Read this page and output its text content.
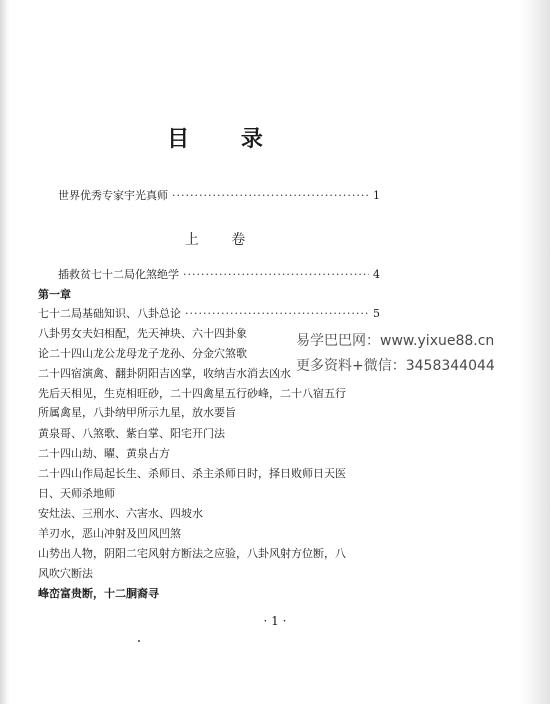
目 录
世界优秀专家宇光真师 ·····	1
上 卷
插救贫七十二局化煞绝学 ·····	4
第一章
七十二局基础知识、八卦总论 ·····	5
八卦男女夫妇相配，先天神块、六十四卦象
论二十四山龙公龙母龙子龙孙、分金穴煞歌
二十四宿演禽、翻卦阴阳吉凶掌，收纳吉水消去凶水
先后天相见，生克相旺砂，二十四禽星五行砂峰，二十八宿五行
所属禽星，八卦纳甲所示九星，放水要旨
黄泉哥、八煞歌、紫白掌、阳宅开门法
二十四山劫、曜、黄泉占方
二十四山作局起长生、杀师日、杀主杀师日时，择日败师日天医
日、天师杀地师
安灶法、三刑水、六害水、四坡水
羊刃水，恶山冲射及凹风凹煞
山势出人物，阴阳二宅风射方断法之应验，八卦风射方位断，八
风吹穴断法
峰峦富贵断，十二胴裔寻
易学巴巴网：www.yixue88.cn
更多资料+微信：3458344044
· 1 ·
